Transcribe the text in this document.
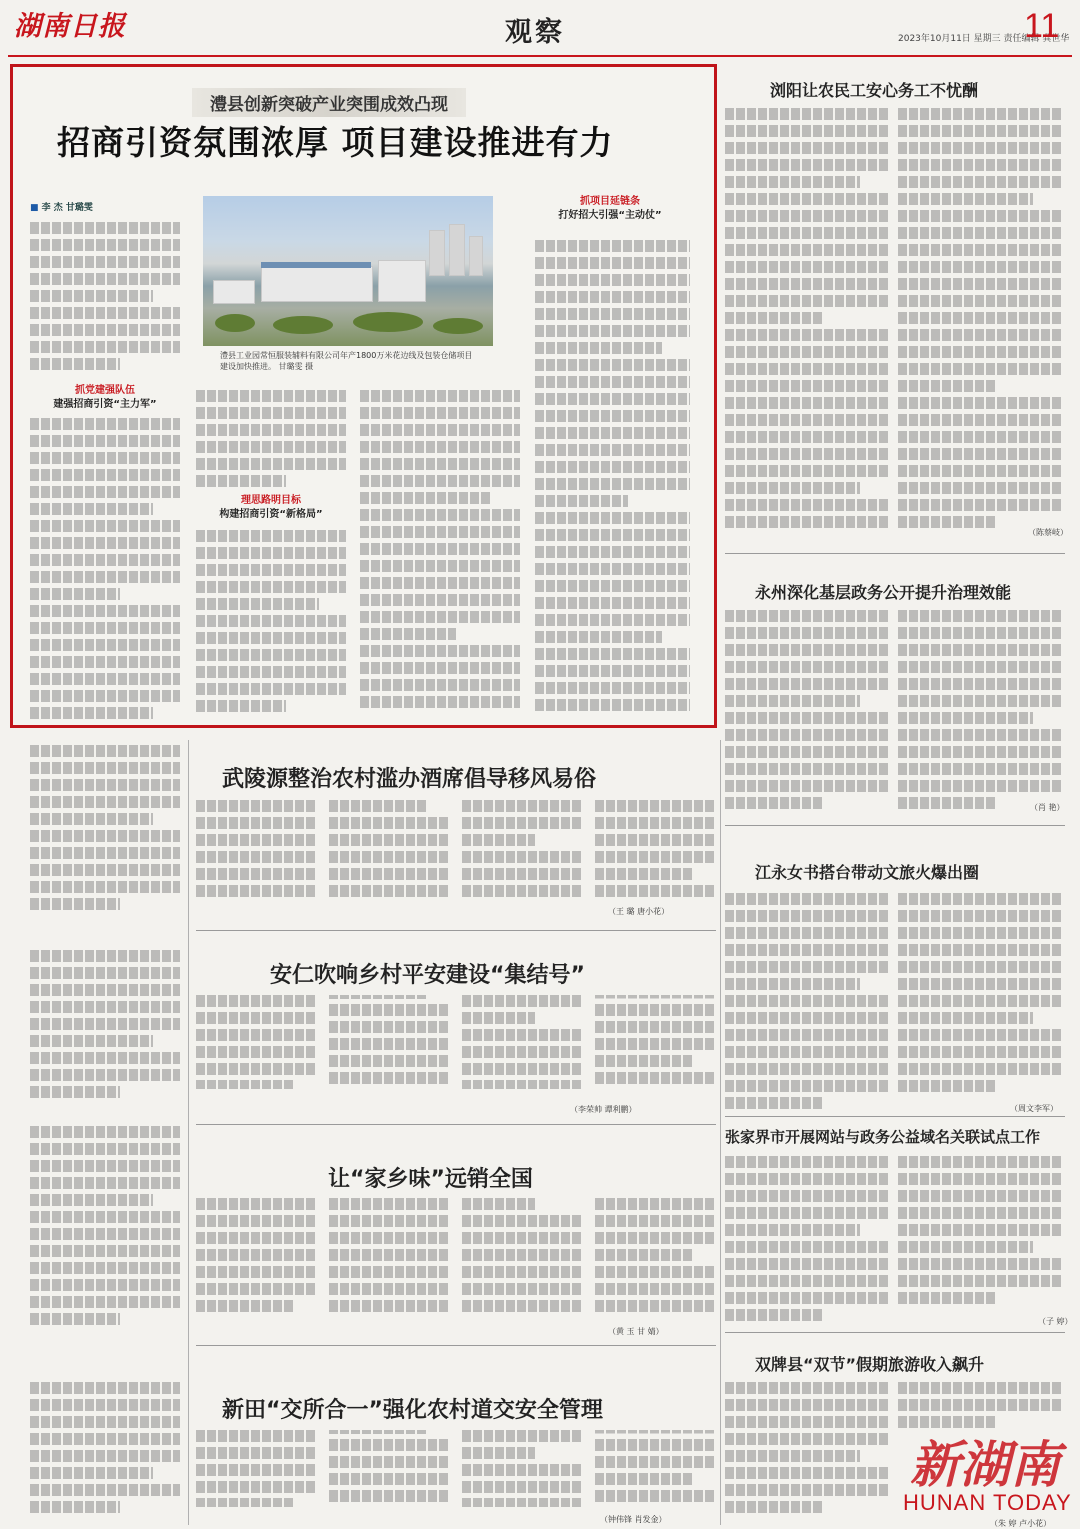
湖南日报	观察	2023年10月11日 星期三 责任编辑 龚世华
11
澧县创新突破产业突围成效凸现
招商引资氛围浓厚 项目建设推进有力
■ 李 杰 甘璐雯
澧县工业园常恒服装辅料有限公司年产1800万米花边线及包装仓储项目建设加快推进。 甘璐雯 摄
抓党建强队伍
建强招商引资“主力军”
理思路明目标
构建招商引资“新格局”
抓项目延链条
打好招大引强“主动仗”
浏阳让农民工安心务工不忧酬
（陈蔡岐）
永州深化基层政务公开提升治理效能
（肖 艳）
江永女书搭台带动文旅火爆出圈
（周文李军）
张家界市开展网站与政务公益域名关联试点工作
（子 婷）
双牌县“双节”假期旅游收入飙升
（朱 婷 卢小花）
武陵源整治农村滥办酒席倡导移风易俗
（王 璐 唐小花）
安仁吹响乡村平安建设“集结号”
（李荣帅 谭利鹏）
让“家乡味”远销全国
（黄 玉 甘 婧）
新田“交所合一”强化农村道交安全管理
（钟伟锋 肖发金）
新湖南
HUNAN TODAY
